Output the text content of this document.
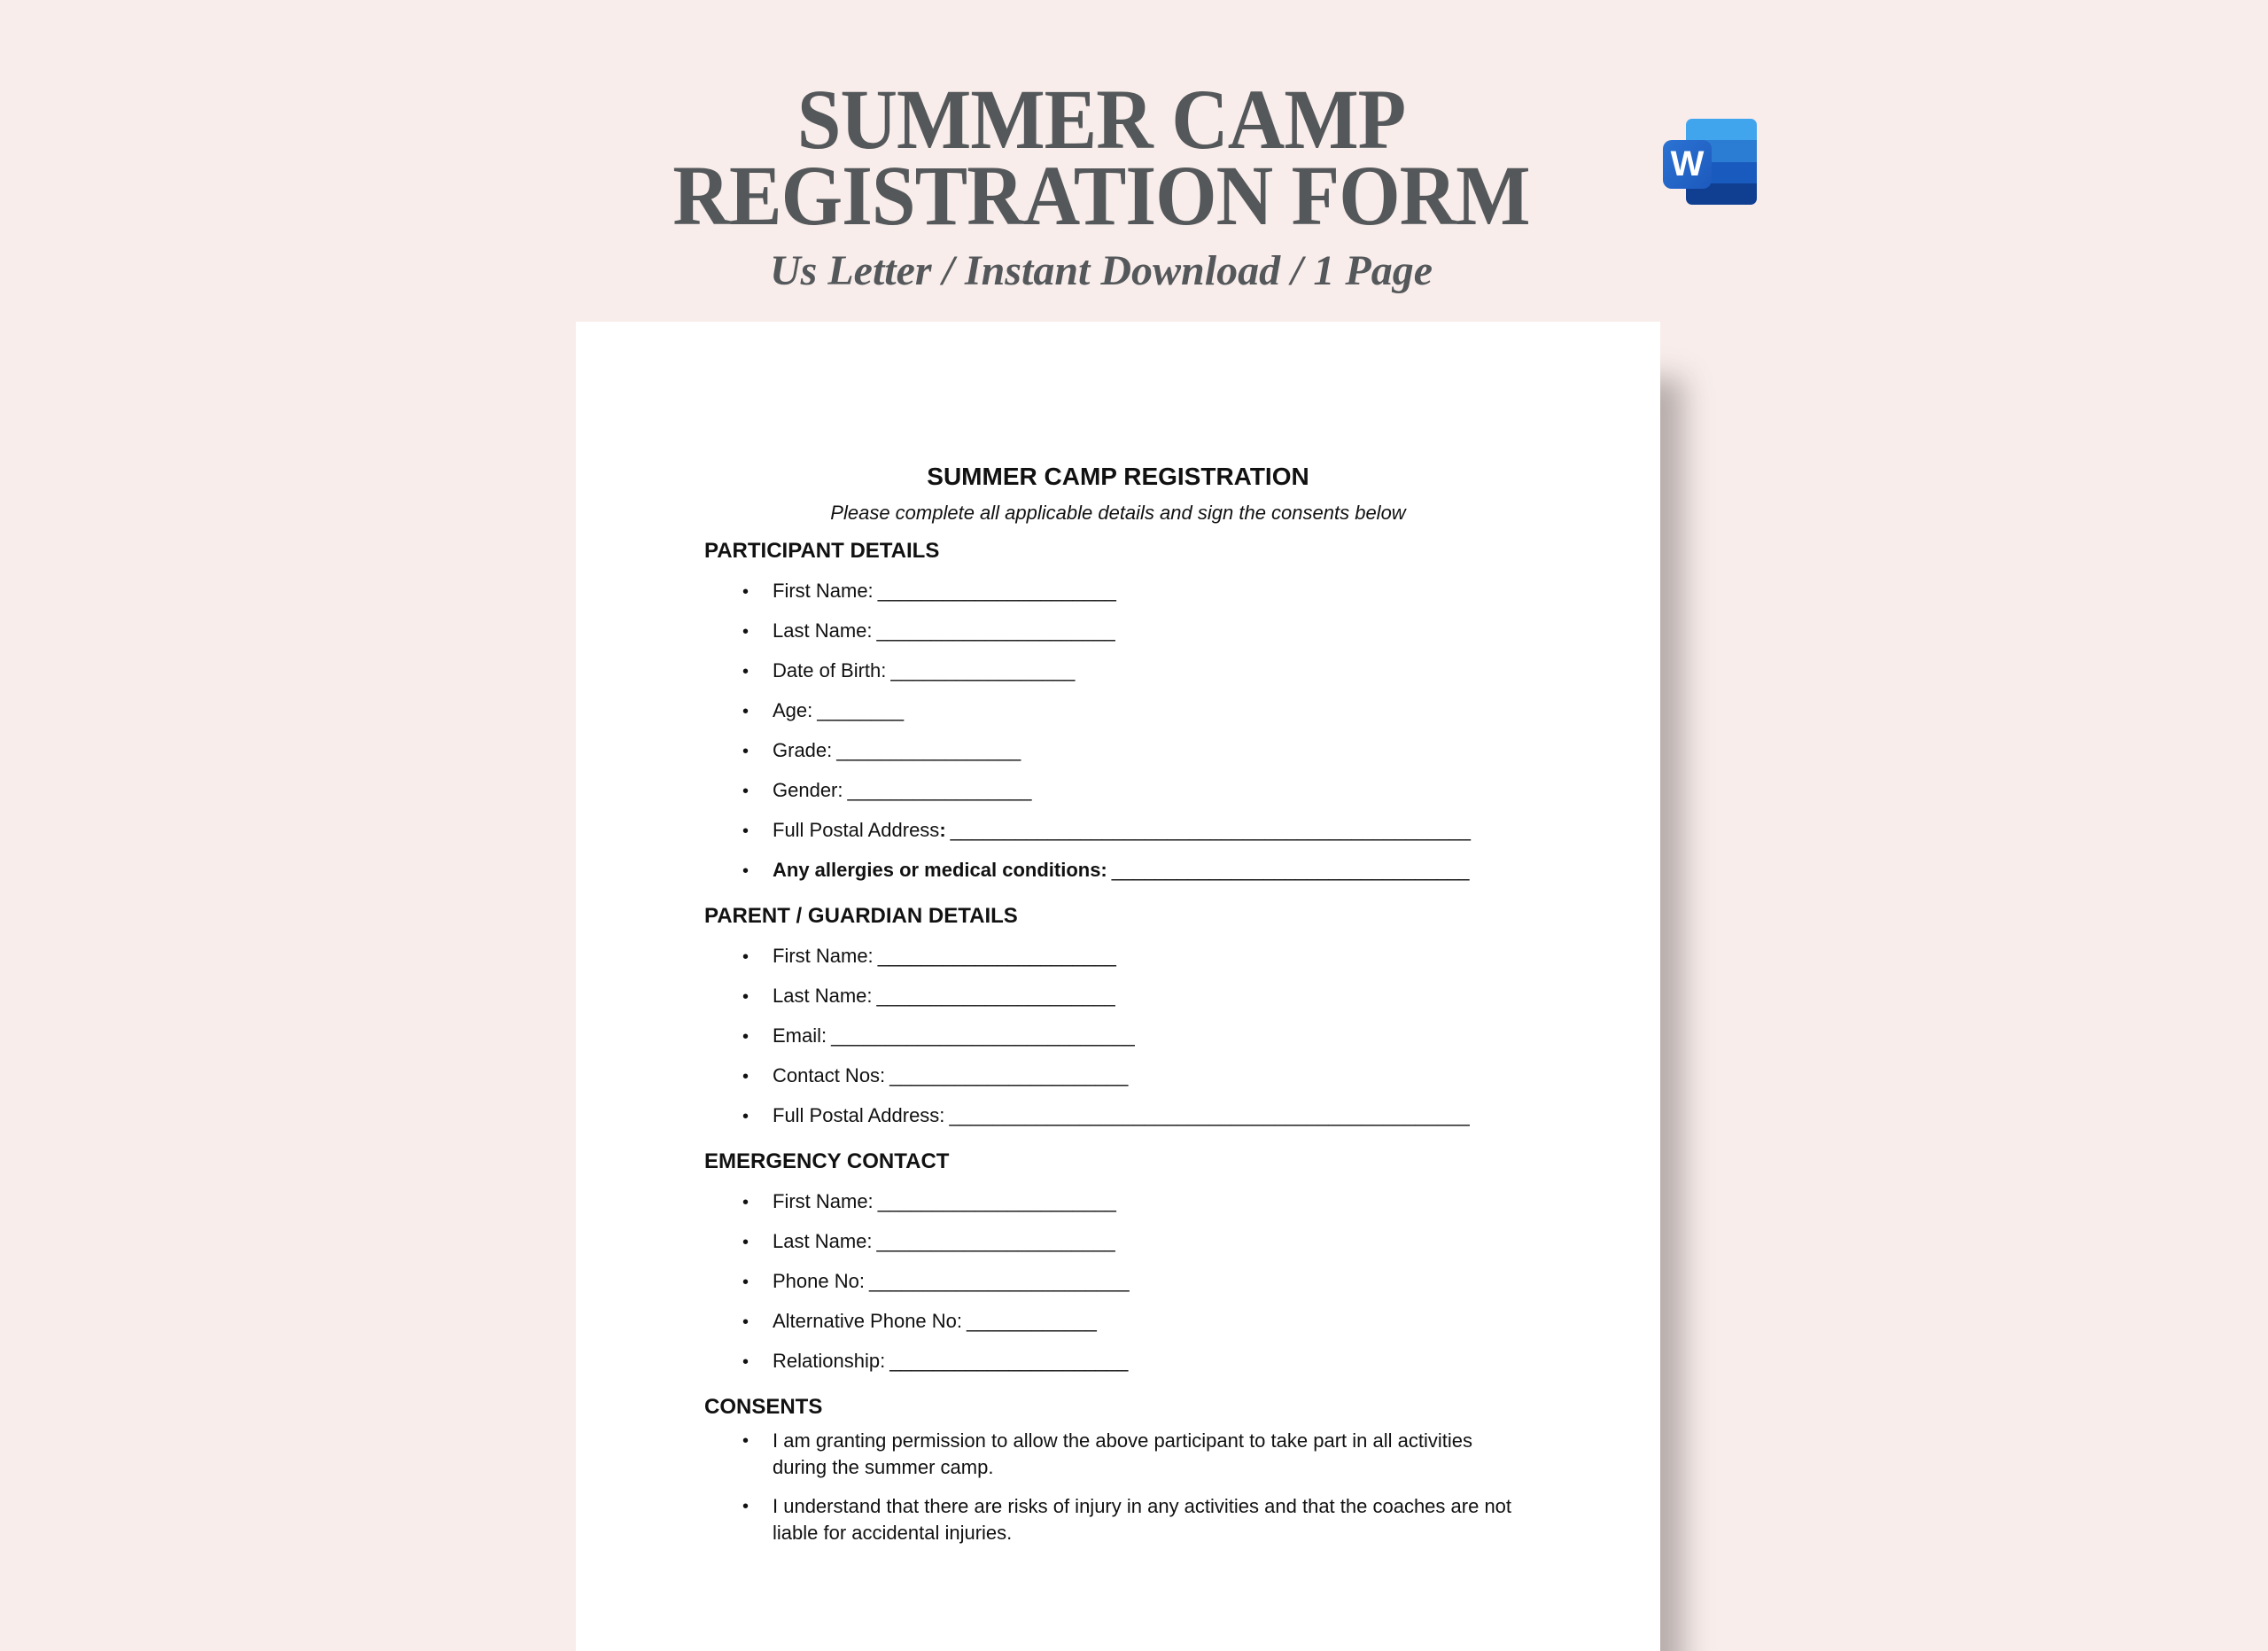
SUMMER CAMP
REGISTRATION FORM
Us Letter / Instant Download / 1 Page
W
SUMMER CAMP REGISTRATION
Please complete all applicable details and sign the consents below
PARTICIPANT DETAILS
• First Name: ______________________
• Last Name: ______________________
• Date of Birth: _________________
• Age: ________
• Grade: _________________
• Gender: _________________
• Full Postal Address: ________________________________________________
• Any allergies or medical conditions: _________________________________
PARENT / GUARDIAN DETAILS
• First Name: ______________________
• Last Name: ______________________
• Email: ____________________________
• Contact Nos: ______________________
• Full Postal Address: ________________________________________________
EMERGENCY CONTACT
• First Name: ______________________
• Last Name: ______________________
• Phone No: ________________________
• Alternative Phone No: ____________
• Relationship: ______________________
CONSENTS
•	I am granting permission to allow the above participant to take part in all activities during the summer camp.
•	I understand that there are risks of injury in any activities and that the coaches are not liable for accidental injuries.
